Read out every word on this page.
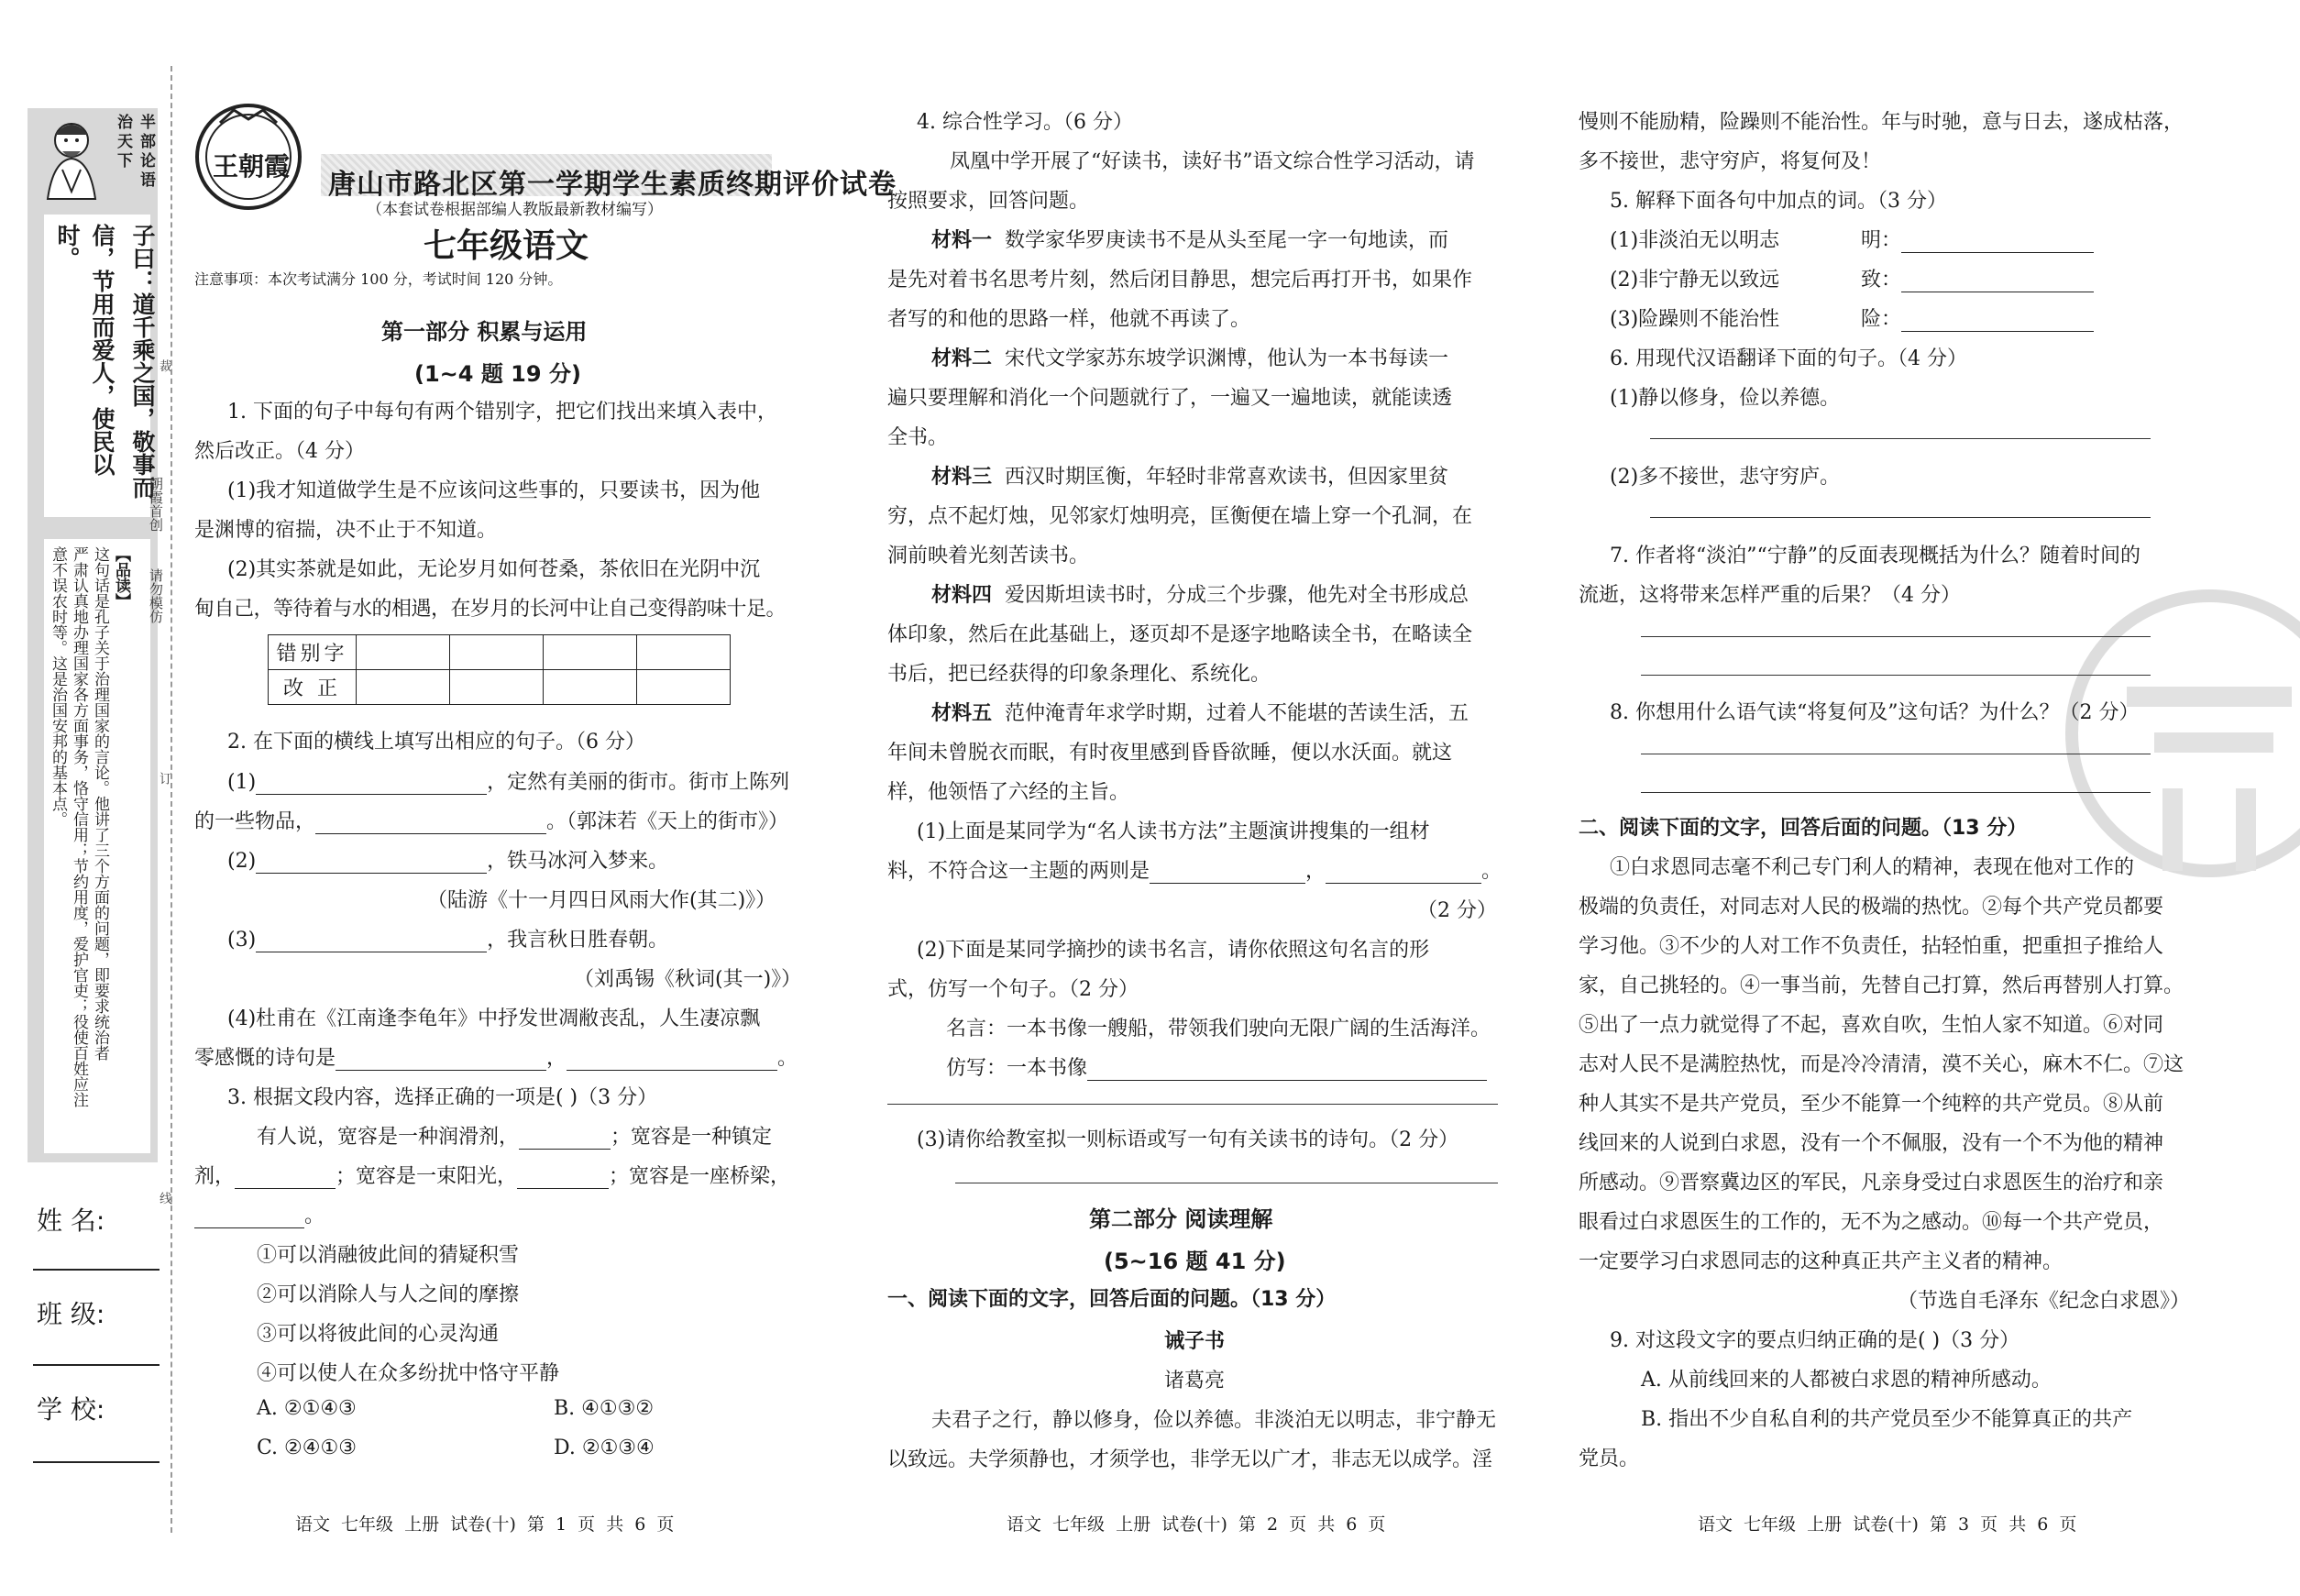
半部论语治天下
子曰：道千乘之国，敬事而
信，节用而爱人，使民以时。
【品读】
这句话是孔子关于治理国家的言论。他讲了三个方面的问题，即要求统治者
严肃认真地办理国家各方面事务，恪守信用；节约用度，爱护官吏；役使百姓应注
意不误农时等。这是治国安邦的基本点。
裁
订
线
朝霞首创
请勿模仿
姓 名:
班 级:
学 校:
王朝霞
唐山市路北区第一学期学生素质终期评价试卷
（本套试卷根据部编人教版最新教材编写）
七年级语文
注意事项：本次考试满分 100 分，考试时间 120 分钟。
第一部分 积累与运用
(1~4 题 19 分)
1. 下面的句子中每句有两个错别字，把它们找出来填入表中，
然后改正。（4 分）
(1)我才知道做学生是不应该问这些事的，只要读书，因为他
是渊博的宿揣，决不止于不知道。
(2)其实茶就是如此，无论岁月如何苍桑，茶依旧在光阴中沉
甸自己，等待着与水的相遇，在岁月的长河中让自己变得韵味十足。
错别字				
改 正				
2. 在下面的横线上填写出相应的句子。（6 分）
(1)	，定然有美丽的街市。街市上陈列
的一些物品，	。（郭沫若《天上的街市》）
(2)	，铁马冰河入梦来。
（陆游《十一月四日风雨大作(其二)》）
(3)	，我言秋日胜春朝。
（刘禹锡《秋词(其一)》）
(4)杜甫在《江南逢李龟年》中抒发世凋敝丧乱，人生凄凉飘
零感慨的诗句是	，	。
3. 根据文段内容，选择正确的一项是( )（3 分）
有人说，宽容是一种润滑剂，	；宽容是一种镇定
剂，	；宽容是一束阳光，	；宽容是一座桥梁，
。
①可以消融彼此间的猜疑积雪
②可以消除人与人之间的摩擦
③可以将彼此间的心灵沟通
④可以使人在众多纷扰中恪守平静
A. ②①④③	B. ④①③②
C. ②④①③	D. ②①③④
语文 七年级 上册 试卷(十) 第 1 页 共 6 页
4. 综合性学习。（6 分）
凤凰中学开展了“好读书，读好书”语文综合性学习活动，请
按照要求，回答问题。
材料一 数学家华罗庚读书不是从头至尾一字一句地读，而
是先对着书名思考片刻，然后闭目静思，想完后再打开书，如果作
者写的和他的思路一样，他就不再读了。
材料二 宋代文学家苏东坡学识渊博，他认为一本书每读一
遍只要理解和消化一个问题就行了，一遍又一遍地读，就能读透
全书。
材料三 西汉时期匡衡，年轻时非常喜欢读书，但因家里贫
穷，点不起灯烛，见邻家灯烛明亮，匡衡便在墙上穿一个孔洞，在
洞前映着光刻苦读书。
材料四 爱因斯坦读书时，分成三个步骤，他先对全书形成总
体印象，然后在此基础上，逐页却不是逐字地略读全书，在略读全
书后，把已经获得的印象条理化、系统化。
材料五 范仲淹青年求学时期，过着人不能堪的苦读生活，五
年间未曾脱衣而眠，有时夜里感到昏昏欲睡，便以水沃面。就这
样，他领悟了六经的主旨。
(1)上面是某同学为“名人读书方法”主题演讲搜集的一组材
料，不符合这一主题的两则是	，	。
（2 分）
(2)下面是某同学摘抄的读书名言，请你依照这句名言的形
式，仿写一个句子。（2 分）
名言：一本书像一艘船，带领我们驶向无限广阔的生活海洋。
仿写：一本书像
(3)请你给教室拟一则标语或写一句有关读书的诗句。（2 分）
第二部分 阅读理解
(5~16 题 41 分)
一、阅读下面的文字，回答后面的问题。（13 分）
诫子书
诸葛亮
夫君子之行，静以修身，俭以养德。非淡泊无以明志，非宁静无
以致远。夫学须静也，才须学也，非学无以广才，非志无以成学。淫
语文 七年级 上册 试卷(十) 第 2 页 共 6 页
慢则不能励精，险躁则不能治性。年与时驰，意与日去，遂成枯落，
多不接世，悲守穷庐，将复何及！
5. 解释下面各句中加点的词。（3 分）
(1)非淡泊无以明志	明：
(2)非宁静无以致远	致：
(3)险躁则不能治性	险：
6. 用现代汉语翻译下面的句子。（4 分）
(1)静以修身，俭以养德。
(2)多不接世，悲守穷庐。
7. 作者将“淡泊”“宁静”的反面表现概括为什么？随着时间的
流逝，这将带来怎样严重的后果？（4 分）
8. 你想用什么语气读“将复何及”这句话？为什么？（2 分）
二、阅读下面的文字，回答后面的问题。（13 分）
①白求恩同志毫不利己专门利人的精神，表现在他对工作的
极端的负责任，对同志对人民的极端的热忱。②每个共产党员都要
学习他。③不少的人对工作不负责任，拈轻怕重，把重担子推给人
家，自己挑轻的。④一事当前，先替自己打算，然后再替别人打算。
⑤出了一点力就觉得了不起，喜欢自吹，生怕人家不知道。⑥对同
志对人民不是满腔热忱，而是冷冷清清，漠不关心，麻木不仁。⑦这
种人其实不是共产党员，至少不能算一个纯粹的共产党员。⑧从前
线回来的人说到白求恩，没有一个不佩服，没有一个不为他的精神
所感动。⑨晋察冀边区的军民，凡亲身受过白求恩医生的治疗和亲
眼看过白求恩医生的工作的，无不为之感动。⑩每一个共产党员，
一定要学习白求恩同志的这种真正共产主义者的精神。
（节选自毛泽东《纪念白求恩》）
9. 对这段文字的要点归纳正确的是( )（3 分）
A. 从前线回来的人都被白求恩的精神所感动。
B. 指出不少自私自利的共产党员至少不能算真正的共产
党员。
语文 七年级 上册 试卷(十) 第 3 页 共 6 页
